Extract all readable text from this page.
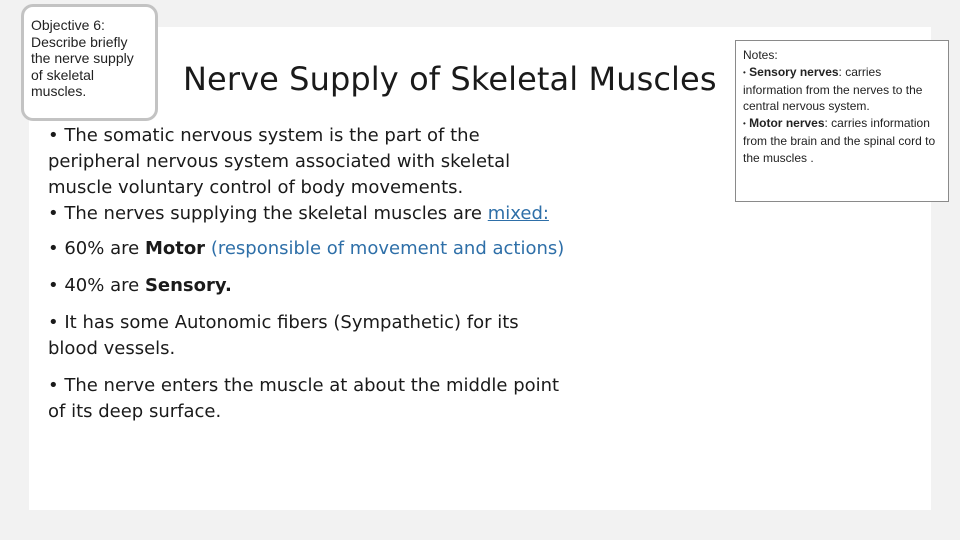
Objective 6: Describe briefly the nerve supply of skeletal muscles.	Nerve Supply of Skeletal Muscles
Notes:
• Sensory nerves: carries information from the nerves to the central nervous system.
• Motor nerves: carries information from the brain and the spinal cord to the muscles .

• The somatic nervous system is the part of the peripheral nervous system associated with skeletal muscle voluntary control of body movements.

• The nerves supplying the skeletal muscles are mixed:

• 60% are Motor (responsible of movement and actions)

• 40% are Sensory.

• It has some Autonomic fibers (Sympathetic) for its blood vessels.

• The nerve enters the muscle at about the middle point of its deep surface.
